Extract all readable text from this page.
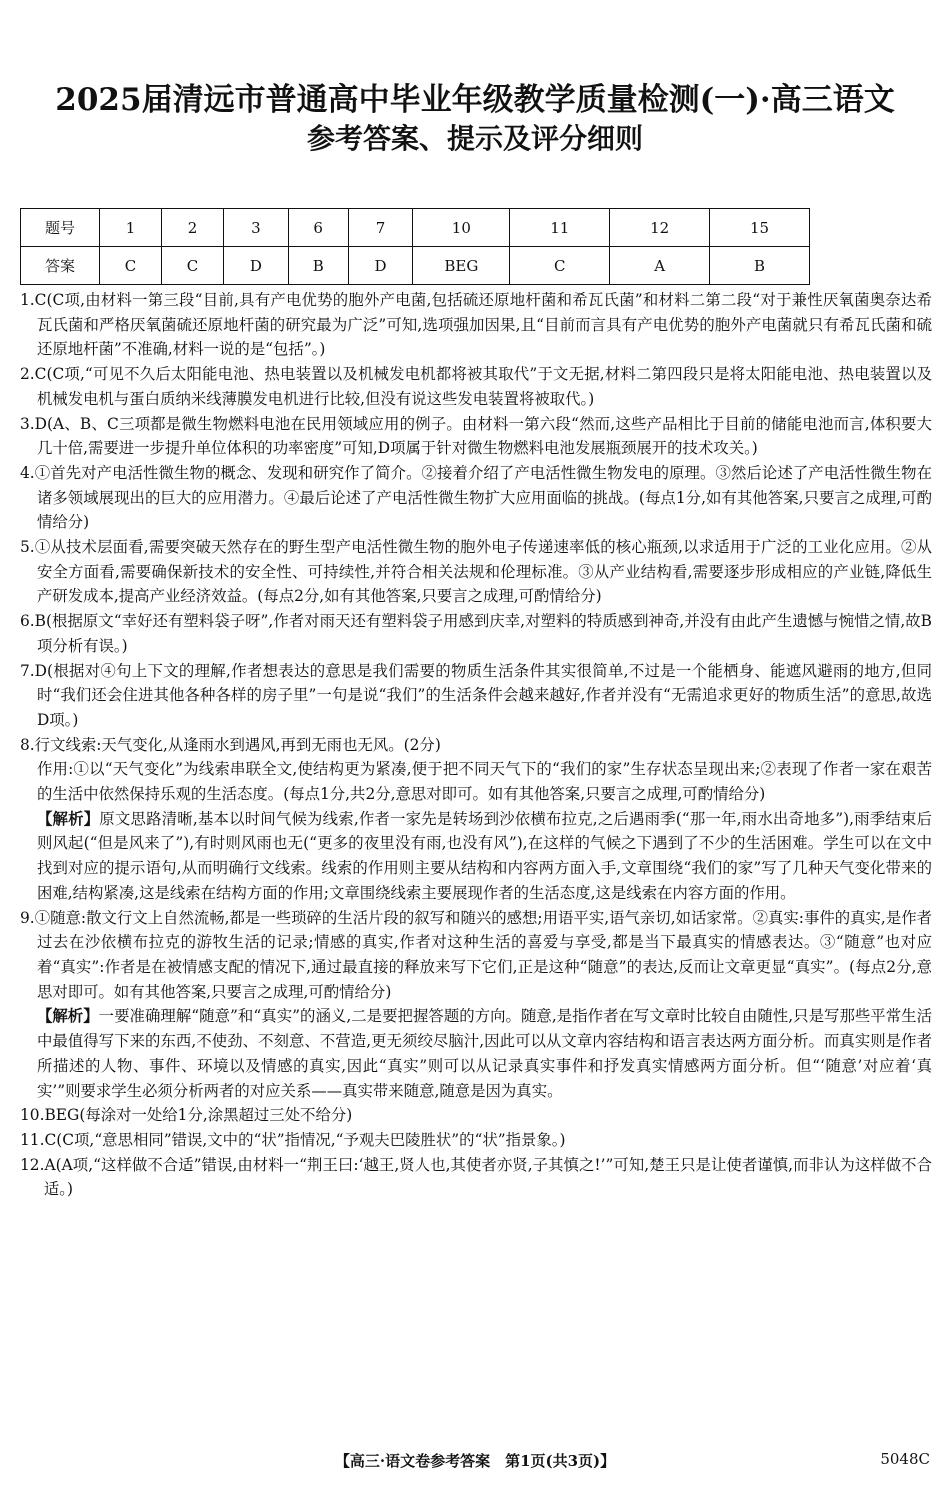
2025届清远市普通高中毕业年级教学质量检测(一)·高三语文
参考答案、提示及评分细则
题号	1	2	3	6	7	10	11	12	15
答案	C	C	D	B	D	BEG	C	A	B

1.C(C项,由材料一第三段“目前,具有产电优势的胞外产电菌,包括硫还原地杆菌和希瓦氏菌”和材料二第二段“对于兼性厌氧菌奥奈达希瓦氏菌和严格厌氧菌硫还原地杆菌的研究最为广泛”可知,选项强加因果,且“目前而言具有产电优势的胞外产电菌就只有希瓦氏菌和硫还原地杆菌”不准确,材料一说的是“包括”。)

2.C(C项,“可见不久后太阳能电池、热电装置以及机械发电机都将被其取代”于文无据,材料二第四段只是将太阳能电池、热电装置以及机械发电机与蛋白质纳米线薄膜发电机进行比较,但没有说这些发电装置将被取代。)

3.D(A、B、C三项都是微生物燃料电池在民用领域应用的例子。由材料一第六段“然而,这些产品相比于目前的储能电池而言,体积要大几十倍,需要进一步提升单位体积的功率密度”可知,D项属于针对微生物燃料电池发展瓶颈展开的技术攻关。)

4.①首先对产电活性微生物的概念、发现和研究作了简介。②接着介绍了产电活性微生物发电的原理。③然后论述了产电活性微生物在诸多领域展现出的巨大的应用潜力。④最后论述了产电活性微生物扩大应用面临的挑战。(每点1分,如有其他答案,只要言之成理,可酌情给分)

5.①从技术层面看,需要突破天然存在的野生型产电活性微生物的胞外电子传递速率低的核心瓶颈,以求适用于广泛的工业化应用。②从安全方面看,需要确保新技术的安全性、可持续性,并符合相关法规和伦理标准。③从产业结构看,需要逐步形成相应的产业链,降低生产研发成本,提高产业经济效益。(每点2分,如有其他答案,只要言之成理,可酌情给分)

6.B(根据原文“幸好还有塑料袋子呀”,作者对雨天还有塑料袋子用感到庆幸,对塑料的特质感到神奇,并没有由此产生遗憾与惋惜之情,故B项分析有误。)

7.D(根据对④句上下文的理解,作者想表达的意思是我们需要的物质生活条件其实很简单,不过是一个能栖身、能遮风避雨的地方,但同时“我们还会住进其他各种各样的房子里”一句是说“我们”的生活条件会越来越好,作者并没有“无需追求更好的物质生活”的意思,故选D项。)

8.行文线索:天气变化,从逢雨水到遇风,再到无雨也无风。(2分)

作用:①以“天气变化”为线索串联全文,使结构更为紧凑,便于把不同天气下的“我们的家”生存状态呈现出来;②表现了作者一家在艰苦的生活中依然保持乐观的生活态度。(每点1分,共2分,意思对即可。如有其他答案,只要言之成理,可酌情给分)

【解析】原文思路清晰,基本以时间气候为线索,作者一家先是转场到沙依横布拉克,之后遇雨季(“那一年,雨水出奇地多”),雨季结束后则风起(“但是风来了”),有时则风雨也无(“更多的夜里没有雨,也没有风”),在这样的气候之下遇到了不少的生活困难。学生可以在文中找到对应的提示语句,从而明确行文线索。线索的作用则主要从结构和内容两方面入手,文章围绕“我们的家”写了几种天气变化带来的困难,结构紧凑,这是线索在结构方面的作用;文章围绕线索主要展现作者的生活态度,这是线索在内容方面的作用。

9.①随意:散文行文上自然流畅,都是一些琐碎的生活片段的叙写和随兴的感想;用语平实,语气亲切,如话家常。②真实:事件的真实,是作者过去在沙依横布拉克的游牧生活的记录;情感的真实,作者对这种生活的喜爱与享受,都是当下最真实的情感表达。③“随意”也对应着“真实”:作者是在被情感支配的情况下,通过最直接的释放来写下它们,正是这种“随意”的表达,反而让文章更显“真实”。(每点2分,意思对即可。如有其他答案,只要言之成理,可酌情给分)

【解析】一要准确理解“随意”和“真实”的涵义,二是要把握答题的方向。随意,是指作者在写文章时比较自由随性,只是写那些平常生活中最值得写下来的东西,不使劲、不刻意、不营造,更无须绞尽脑汁,因此可以从文章内容结构和语言表达两方面分析。而真实则是作者所描述的人物、事件、环境以及情感的真实,因此“真实”则可以从记录真实事件和抒发真实情感两方面分析。但“‘随意’对应着‘真实’”则要求学生必须分析两者的对应关系——真实带来随意,随意是因为真实。

10.BEG(每涂对一处给1分,涂黑超过三处不给分)

11.C(C项,“意思相同”错误,文中的“状”指情况,“予观夫巴陵胜状”的“状”指景象。)

12.A(A项,“这样做不合适”错误,由材料一“荆王曰:‘越王,贤人也,其使者亦贤,子其慎之!’”可知,楚王只是让使者谨慎,而非认为这样做不合适。)

【高三·语文卷参考答案　第1页(共3页)】	5048C
